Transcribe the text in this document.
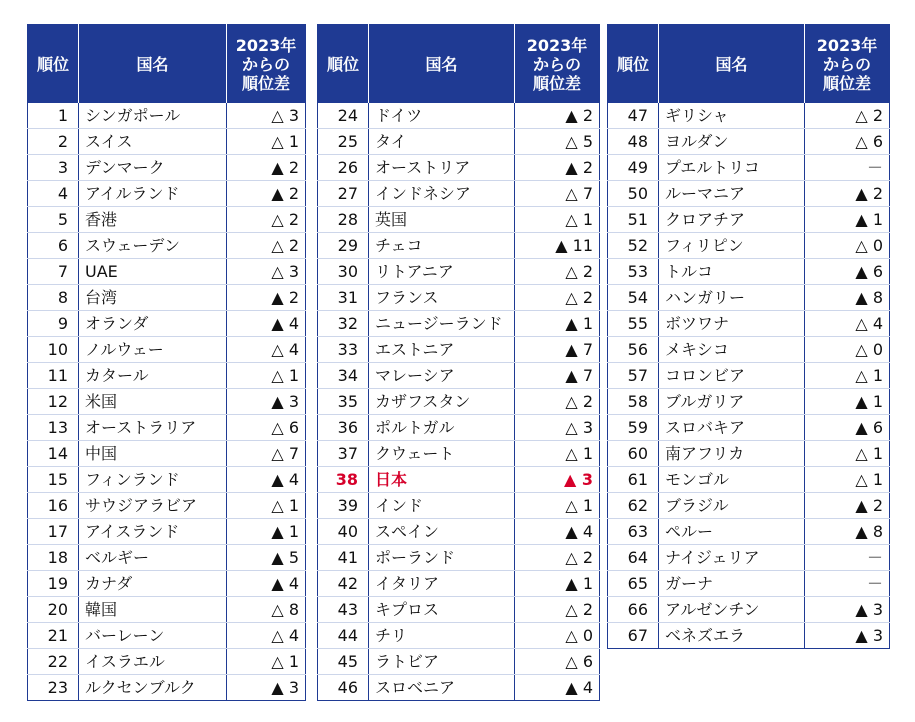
順位	国名	2023年
からの
順位差

1	シンガポール	△ 3
2	スイス	△ 1
3	デンマーク	▲ 2
4	アイルランド	▲ 2
5	香港	△ 2
6	スウェーデン	△ 2
7	UAE	△ 3
8	台湾	▲ 2
9	オランダ	▲ 4
10	ノルウェー	△ 4
11	カタール	△ 1
12	米国	▲ 3
13	オーストラリア	△ 6
14	中国	△ 7
15	フィンランド	▲ 4
16	サウジアラビア	△ 1
17	アイスランド	▲ 1
18	ベルギー	▲ 5
19	カナダ	▲ 4
20	韓国	△ 8
21	バーレーン	△ 4
22	イスラエル	△ 1
23	ルクセンブルク	▲ 3
順位	国名	2023年
からの
順位差

24	ドイツ	▲ 2
25	タイ	△ 5
26	オーストリア	▲ 2
27	インドネシア	△ 7
28	英国	△ 1
29	チェコ	▲ 11
30	リトアニア	△ 2
31	フランス	△ 2
32	ニュージーランド	▲ 1
33	エストニア	▲ 7
34	マレーシア	▲ 7
35	カザフスタン	△ 2
36	ポルトガル	△ 3
37	クウェート	△ 1
38	日本	▲ 3
39	インド	△ 1
40	スペイン	▲ 4
41	ポーランド	△ 2
42	イタリア	▲ 1
43	キプロス	△ 2
44	チリ	△ 0
45	ラトビア	△ 6
46	スロベニア	▲ 4
順位	国名	2023年
からの
順位差

47	ギリシャ	△ 2
48	ヨルダン	△ 6
49	プエルトリコ	－
50	ルーマニア	▲ 2
51	クロアチア	▲ 1
52	フィリピン	△ 0
53	トルコ	▲ 6
54	ハンガリー	▲ 8
55	ボツワナ	△ 4
56	メキシコ	△ 0
57	コロンビア	△ 1
58	ブルガリア	▲ 1
59	スロバキア	▲ 6
60	南アフリカ	△ 1
61	モンゴル	△ 1
62	ブラジル	▲ 2
63	ペルー	▲ 8
64	ナイジェリア	－
65	ガーナ	－
66	アルゼンチン	▲ 3
67	ベネズエラ	▲ 3
